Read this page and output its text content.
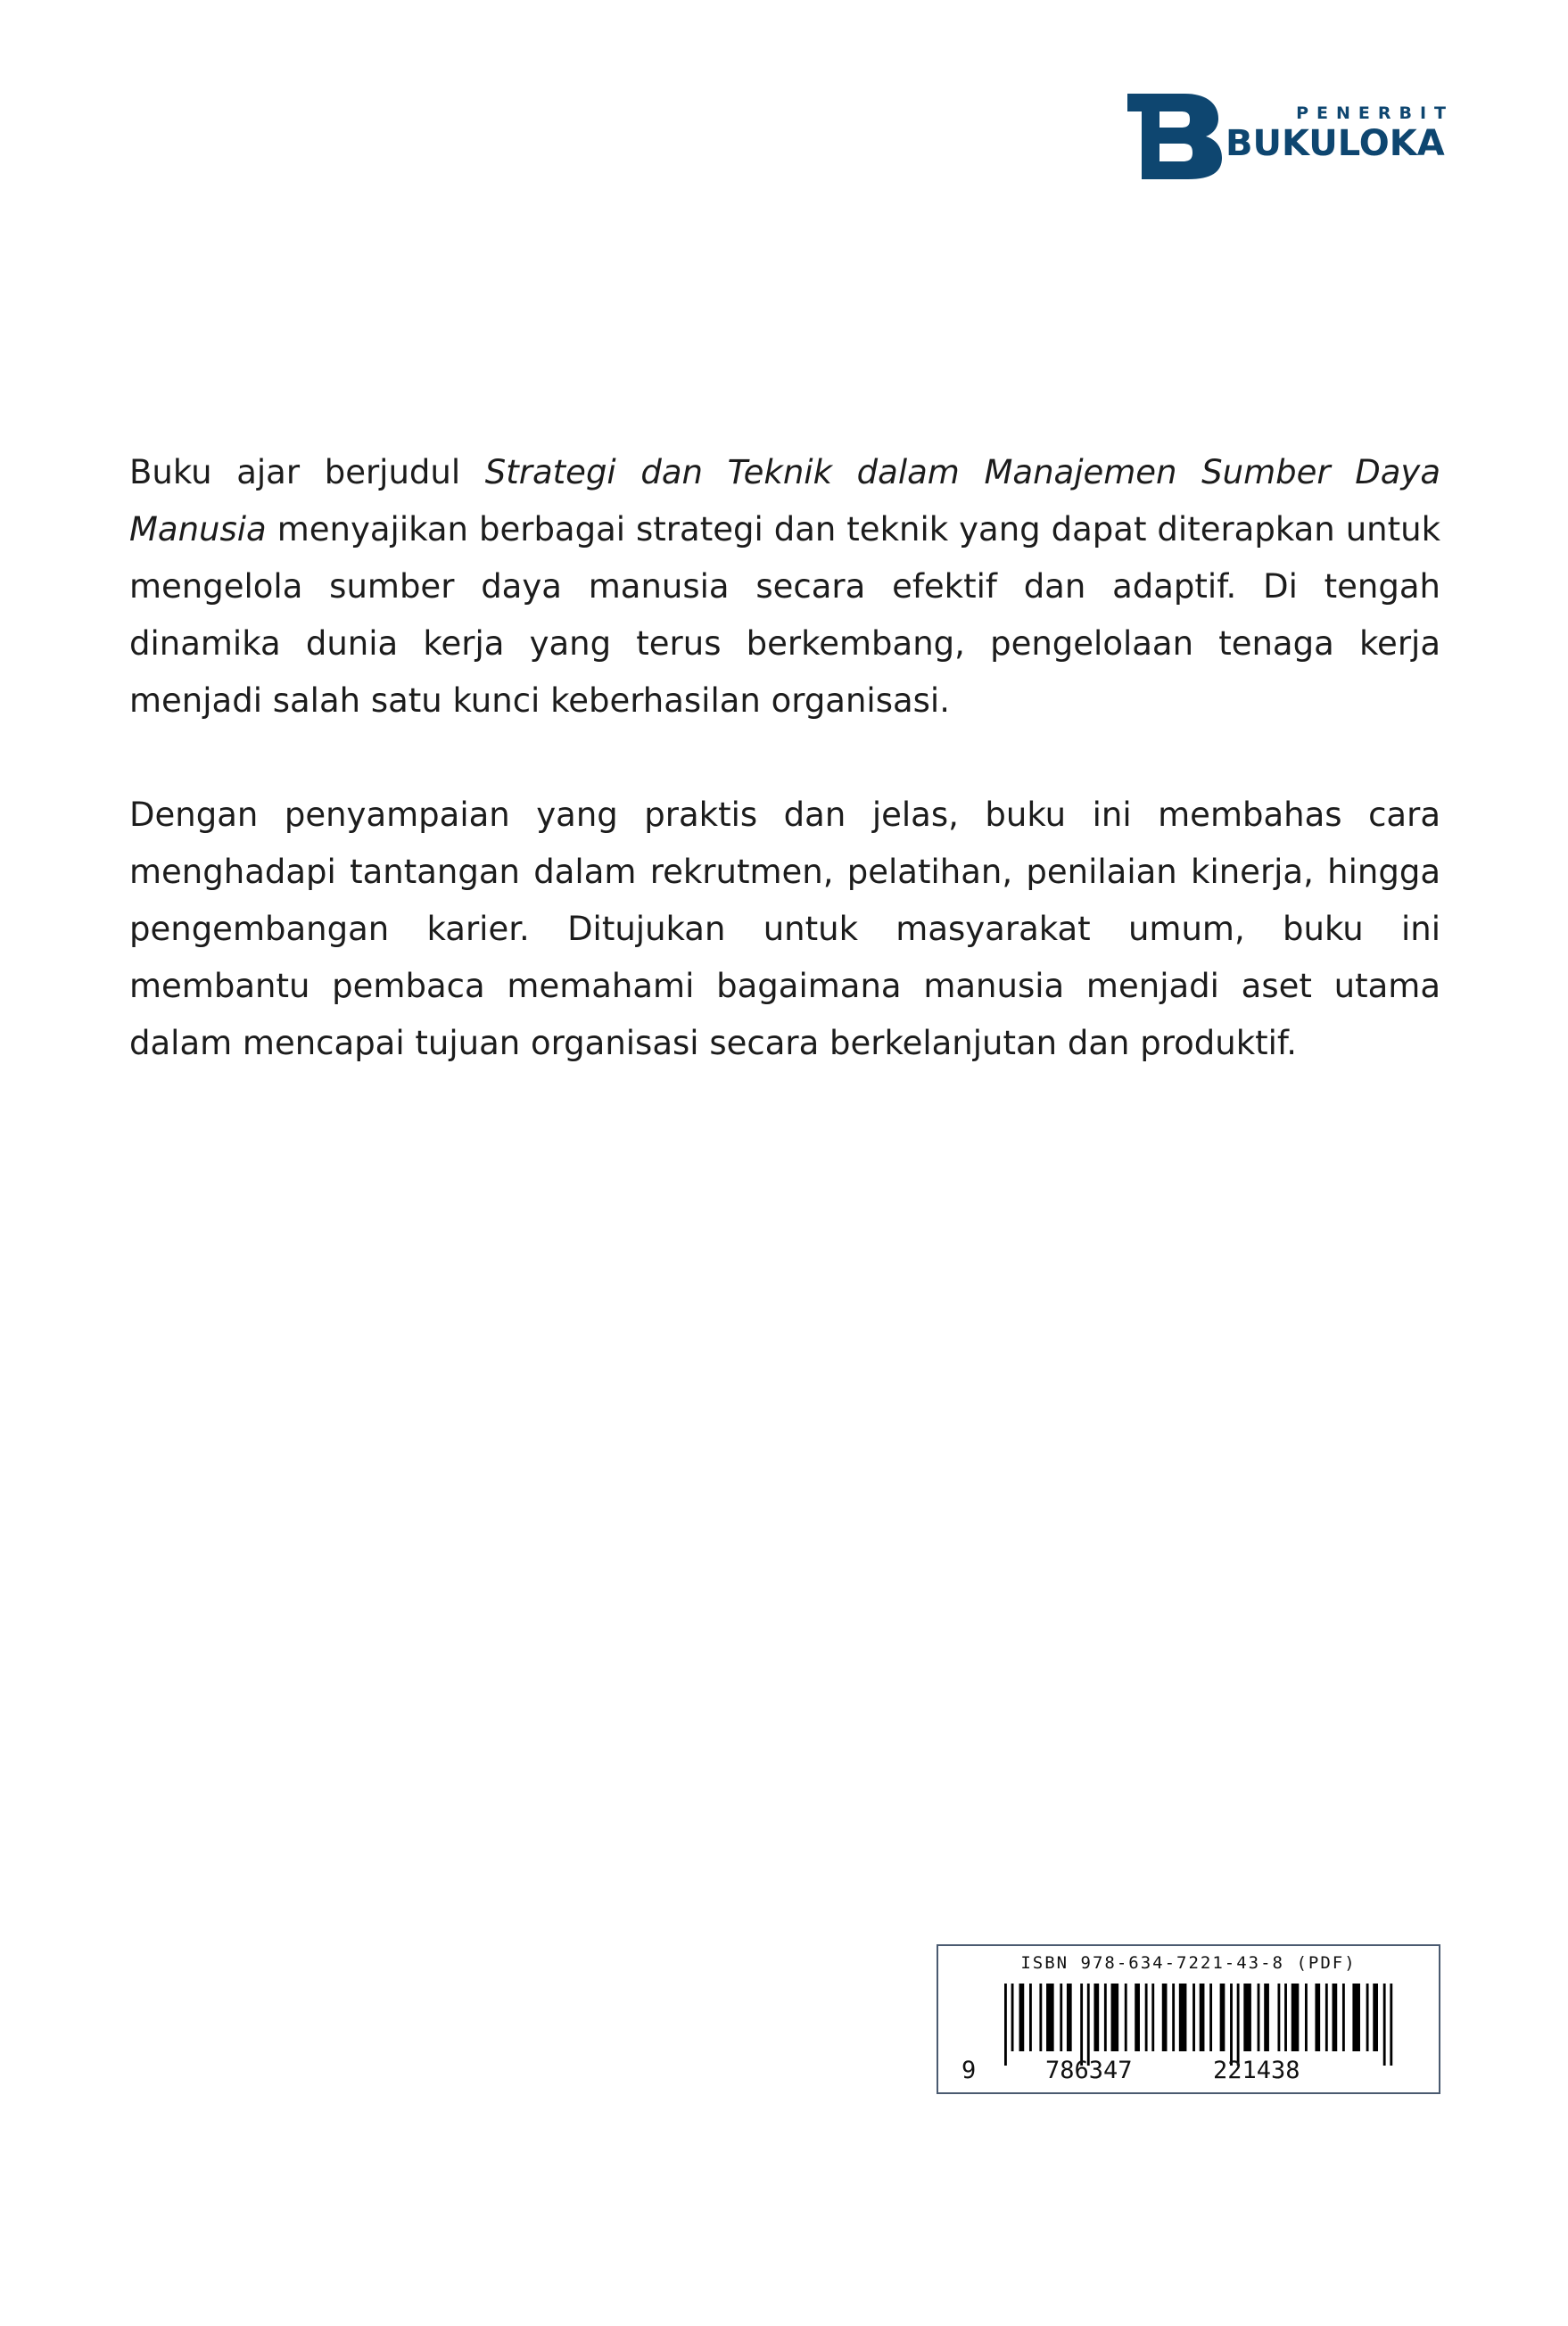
PENERBIT
BUKULOKA

Buku ajar berjudul Strategi dan Teknik dalam Manajemen Sumber Daya Manusia menyajikan berbagai strategi dan teknik yang dapat diterapkan untuk mengelola sumber daya manusia secara efektif dan adaptif. Di tengah dinamika dunia kerja yang terus berkembang, pengelolaan tenaga kerja menjadi salah satu kunci keberhasilan organisasi.

Dengan penyampaian yang praktis dan jelas, buku ini membahas cara menghadapi tantangan dalam rekrutmen, pelatihan, penilaian kinerja, hingga pengembangan karier. Ditujukan untuk masyarakat umum, buku ini membantu pembaca memahami bagaimana manusia menjadi aset utama dalam mencapai tujuan organisasi secara berkelanjutan dan produktif.

ISBN 978-634-7221-43-8 (PDF)
9	786347	221438
